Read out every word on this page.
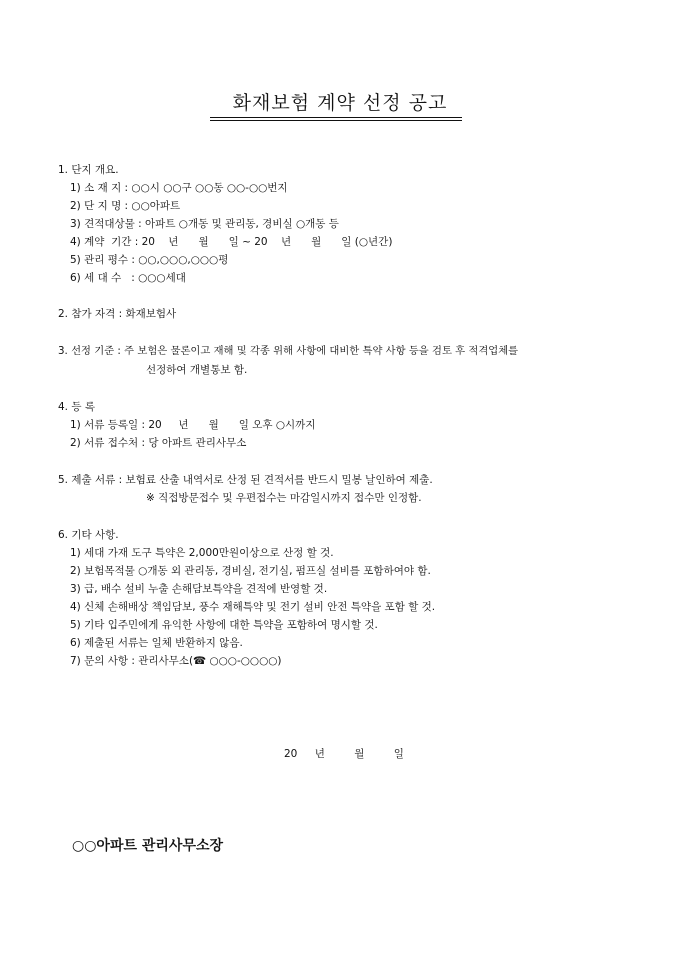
화재보험 계약 선정 공고
1. 단지 개요.
1) 소 재 지 : ○○시 ○○구 ○○동 ○○-○○번지
2) 단 지 명 : ○○아파트
3) 견적대상물 : 아파트 ○개동 및 관리동, 경비실 ○개동 등
4) 계약  기간 : 20    년      월      일 ~ 20    년      월      일 (○년간)
5) 관리 평수 : ○○,○○○,○○○평
6) 세 대 수   : ○○○세대
2. 참가 자격 : 화재보험사
3. 선정 기준 : 주 보험은 물론이고 재해 및 각종 위해 사항에 대비한 특약 사항 등을 검토 후 적격업체를
선정하여 개별통보 함.
4. 등 록
1) 서류 등록일 : 20     년      월      일 오후 ○시까지
2) 서류 접수처 : 당 아파트 관리사무소
5. 제출 서류 : 보험료 산출 내역서로 산정 된 견적서를 반드시 밀봉 날인하여 제출.
※ 직접방문접수 및 우편접수는 마감일시까지 접수만 인정함.
6. 기타 사항.
1) 세대 가재 도구 특약은 2,000만원이상으로 산정 할 것.
2) 보험목적물 ○개동 외 관리동, 경비실, 전기실, 펌프실 설비를 포함하여야 함.
3) 급, 배수 설비 누출 손해담보특약을 견적에 반영할 것.
4) 신체 손해배상 책임담보, 풍수 재해특약 및 전기 설비 안전 특약을 포함 할 것.
5) 기타 입주민에게 유익한 사항에 대한 특약을 포함하여 명시할 것.
6) 제출된 서류는 일체 반환하지 않음.
7) 문의 사항 : 관리사무소(☎ ○○○-○○○○)
20 년	월	일
○○아파트 관리사무소장
